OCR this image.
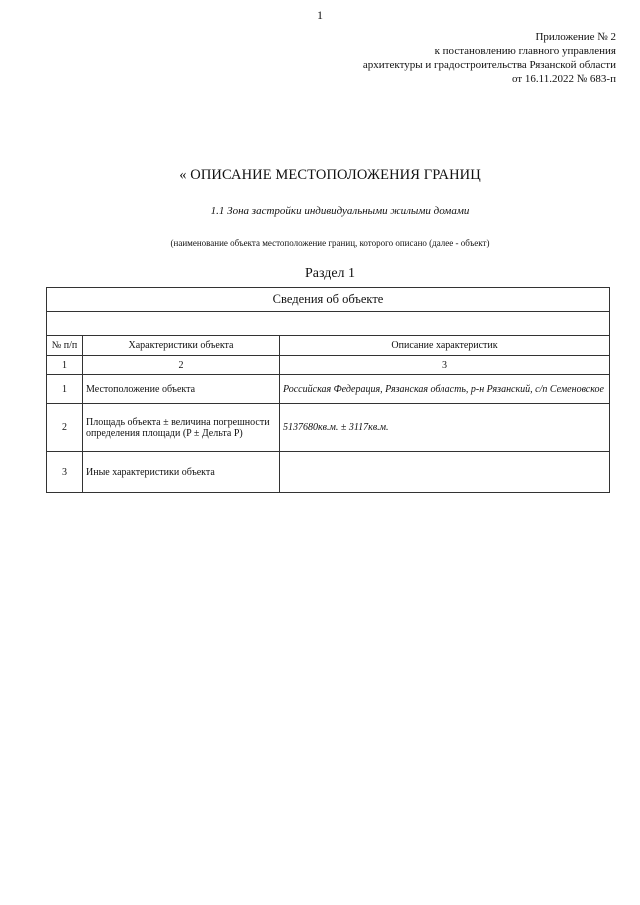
1
Приложение № 2
к постановлению главного управления
архитектуры и градостроительства Рязанской области
от 16.11.2022 № 683-п
« ОПИСАНИЕ МЕСТОПОЛОЖЕНИЯ ГРАНИЦ
1.1 Зона застройки индивидуальными жилыми домами
(наименование объекта местоположение границ, которого описано (далее - объект)
Раздел 1
Сведения об объекте		

№ п/п	Характеристики объекта	Описание характеристик
1	2	3
1	Местоположение объекта	Российская Федерация, Рязанская область, р-н Рязанский, с/п Семеновское
2	Площадь объекта ± величина погрешности определения площади (P ± Дельта P)	5137680кв.м. ± 3117кв.м.
3	Иные характеристики объекта	
